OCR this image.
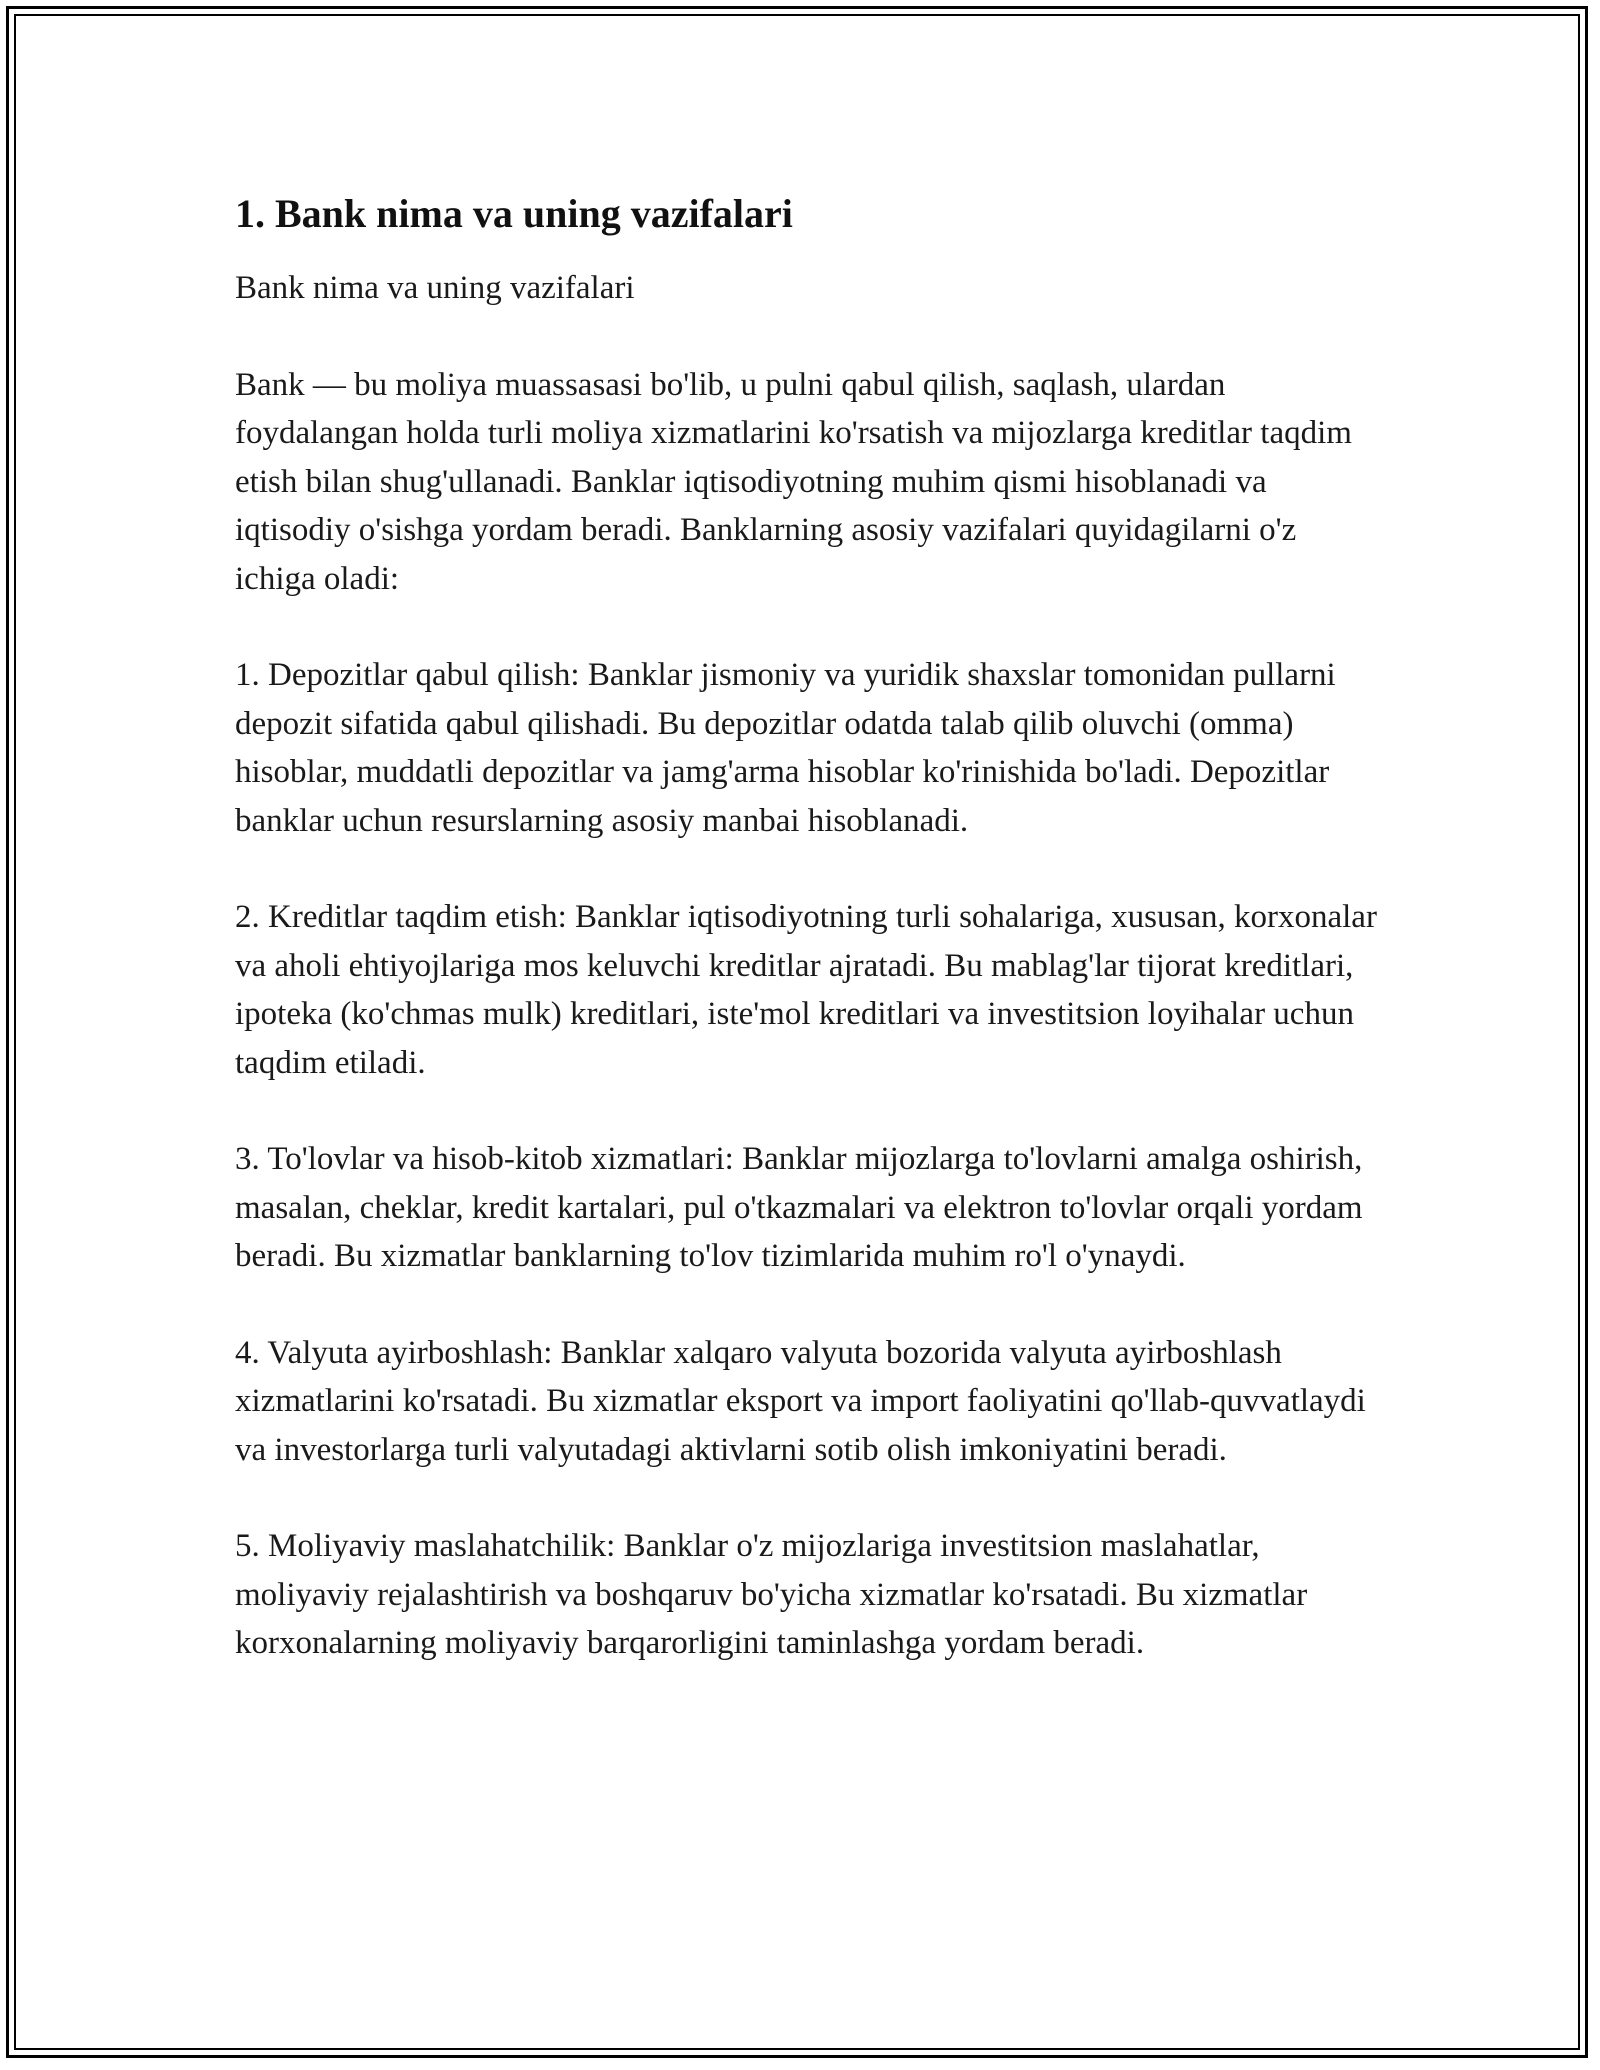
1. Bank nima va uning vazifalari

Bank nima va uning vazifalari

Bank — bu moliya muassasasi bo'lib, u pulni qabul qilish, saqlash, ulardan foydalangan holda turli moliya xizmatlarini ko'rsatish va mijozlarga kreditlar taqdim etish bilan shug'ullanadi. Banklar iqtisodiyotning muhim qismi hisoblanadi va iqtisodiy o'sishga yordam beradi. Banklarning asosiy vazifalari quyidagilarni o'z ichiga oladi:

1. Depozitlar qabul qilish: Banklar jismoniy va yuridik shaxslar tomonidan pullarni depozit sifatida qabul qilishadi. Bu depozitlar odatda talab qilib oluvchi (omma) hisoblar, muddatli depozitlar va jamg'arma hisoblar ko'rinishida bo'ladi. Depozitlar banklar uchun resurslarning asosiy manbai hisoblanadi.

2. Kreditlar taqdim etish: Banklar iqtisodiyotning turli sohalariga, xususan, korxonalar va aholi ehtiyojlariga mos keluvchi kreditlar ajratadi. Bu mablag'lar tijorat kreditlari, ipoteka (ko'chmas mulk) kreditlari, iste'mol kreditlari va investitsion loyihalar uchun taqdim etiladi.

3. To'lovlar va hisob-kitob xizmatlari: Banklar mijozlarga to'lovlarni amalga oshirish, masalan, cheklar, kredit kartalari, pul o'tkazmalari va elektron to'lovlar orqali yordam beradi. Bu xizmatlar banklarning to'lov tizimlarida muhim ro'l o'ynaydi.

4. Valyuta ayirboshlash: Banklar xalqaro valyuta bozorida valyuta ayirboshlash xizmatlarini ko'rsatadi. Bu xizmatlar eksport va import faoliyatini qo'llab-quvvatlaydi va investorlarga turli valyutadagi aktivlarni sotib olish imkoniyatini beradi.

5. Moliyaviy maslahatchilik: Banklar o'z mijozlariga investitsion maslahatlar, moliyaviy rejalashtirish va boshqaruv bo'yicha xizmatlar ko'rsatadi. Bu xizmatlar korxonalarning moliyaviy barqarorligini taminlashga yordam beradi.
